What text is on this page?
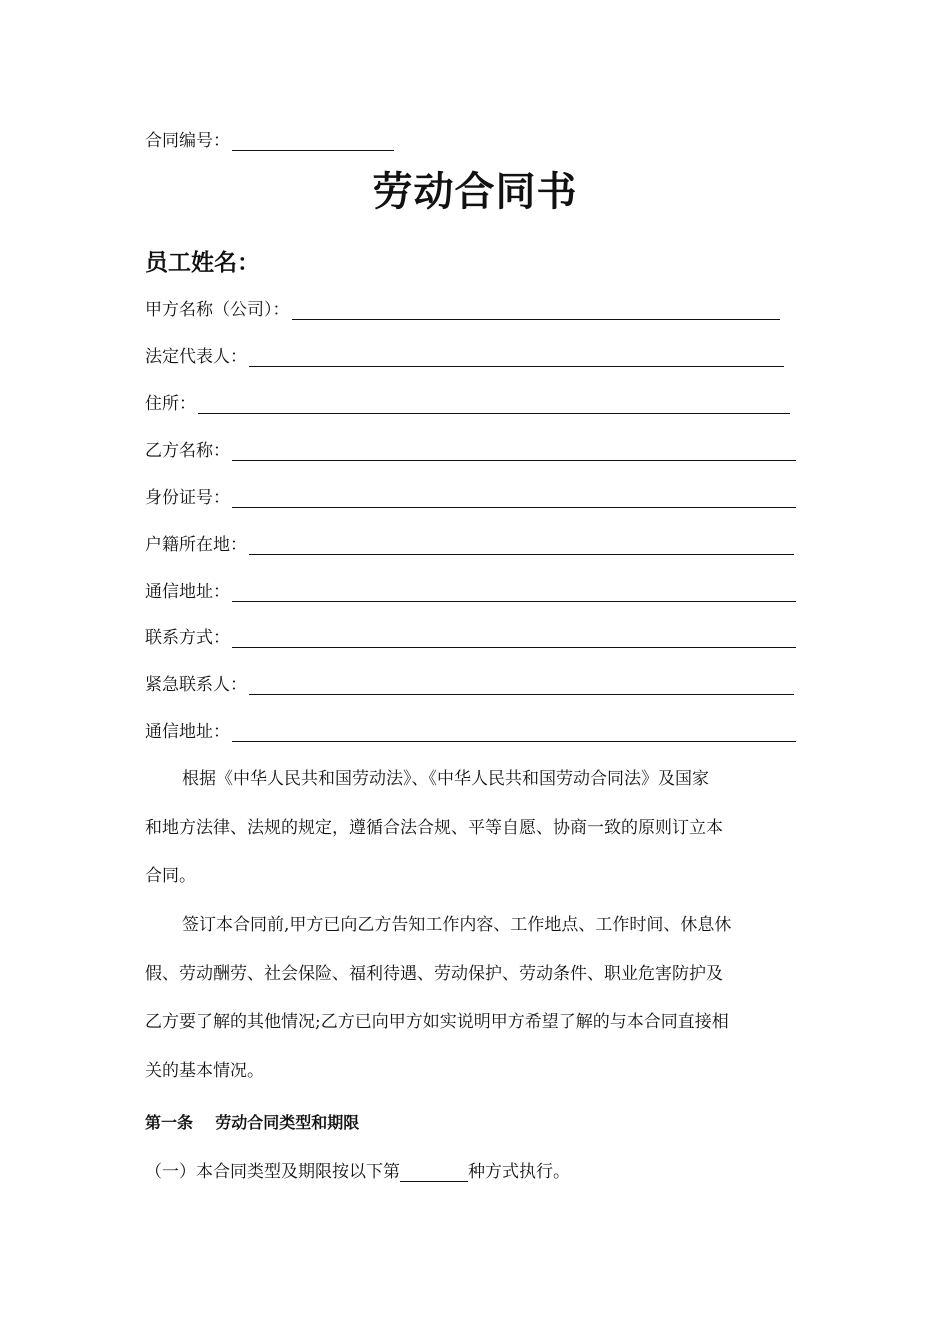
合同编号：
劳动合同书
员工姓名：
甲方名称（公司）：
法定代表人：
住所：
乙方名称：
身份证号：
户籍所在地：
通信地址：
联系方式：
紧急联系人：
通信地址：
根据《中华人民共和国劳动法》、《中华人民共和国劳动合同法》及国家
和地方法律、法规的规定，遵循合法合规、平等自愿、协商一致的原则订立本
合同。
签订本合同前,甲方已向乙方告知工作内容、工作地点、工作时间、休息休
假、劳动酬劳、社会保险、福利待遇、劳动保护、劳动条件、职业危害防护及
乙方要了解的其他情况;乙方已向甲方如实说明甲方希望了解的与本合同直接相
关的基本情况。
第一条    劳动合同类型和期限
（一）本合同类型及期限按以下第	种方式执行。
